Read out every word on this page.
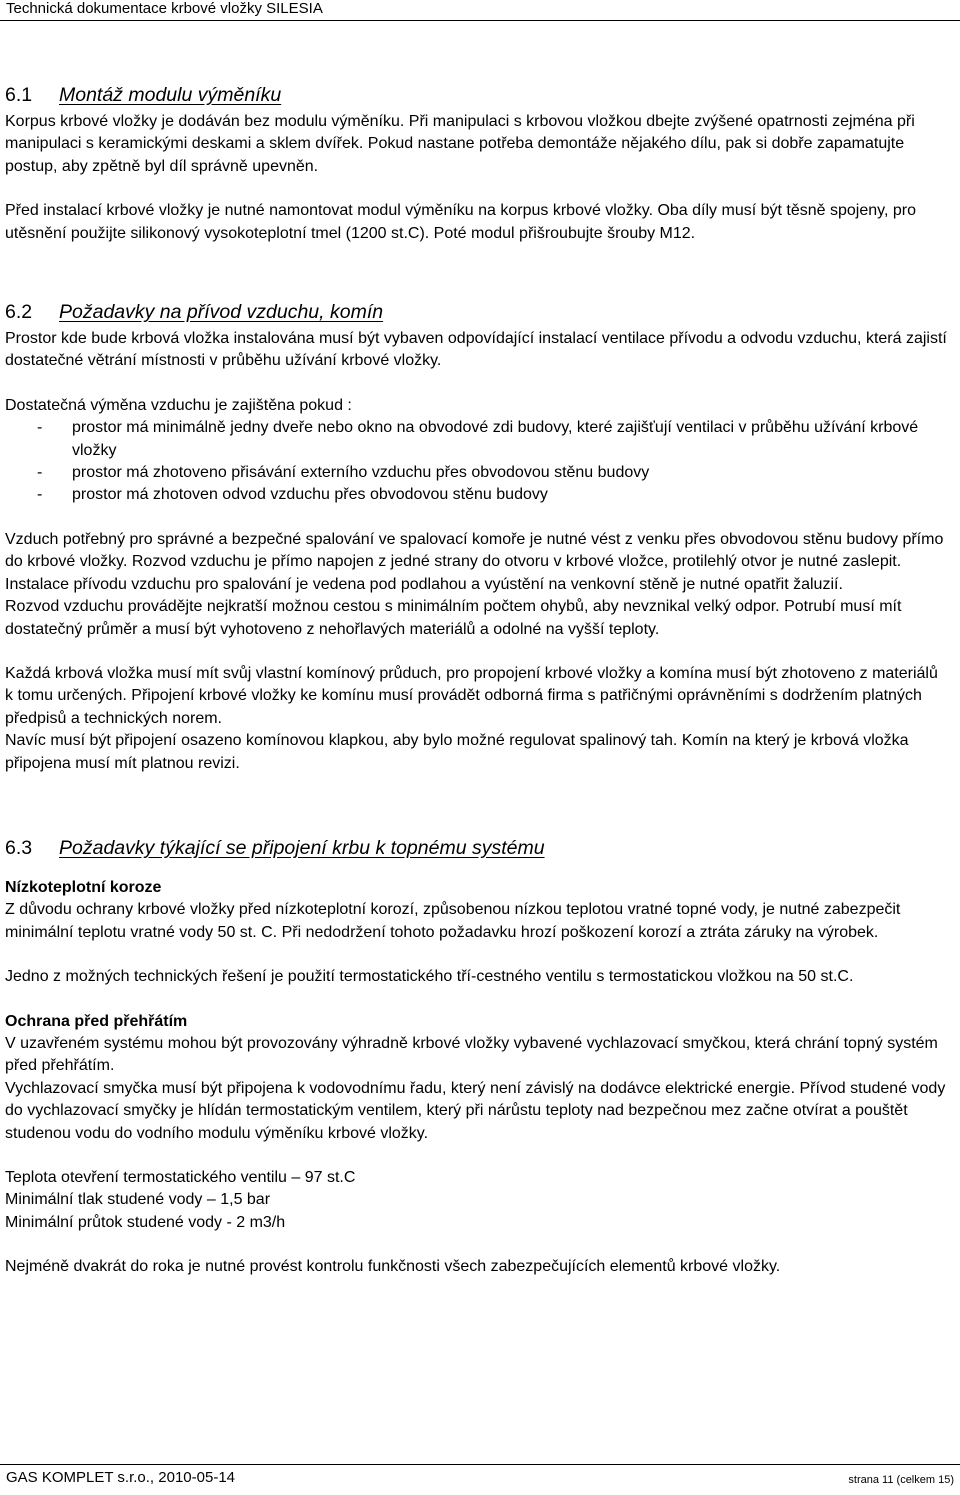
Technická dokumentace krbové vložky SILESIA
6.1 Montáž modulu výměníku

Korpus krbové vložky je dodáván bez modulu výměníku. Při manipulaci s krbovou vložkou dbejte zvýšené opatrnosti zejména při manipulaci s keramickými deskami a sklem dvířek. Pokud nastane potřeba demontáže nějakého dílu, pak si dobře zapamatujte postup, aby zpětně byl díl správně upevněn.

Před instalací krbové vložky je nutné namontovat modul výměníku na korpus krbové vložky. Oba díly musí být těsně spojeny, pro utěsnění použijte silikonový vysokoteplotní tmel (1200 st.C). Poté modul přišroubujte šrouby M12.

6.2 Požadavky na přívod vzduchu, komín

Prostor kde bude krbová vložka instalována musí být vybaven odpovídající instalací ventilace přívodu a odvodu vzduchu, která zajistí dostatečné větrání místnosti v průběhu užívání krbové vložky.

Dostatečná výměna vzduchu je zajištěna pokud :

- prostor má minimálně jedny dveře nebo okno na obvodové zdi budovy, které zajišťují ventilaci v průběhu užívání krbové vložky
- prostor má zhotoveno přisávání externího vzduchu přes obvodovou stěnu budovy
- prostor má zhotoven odvod vzduchu přes obvodovou stěnu budovy

Vzduch potřebný pro správné a bezpečné spalování ve spalovací komoře je nutné vést z venku přes obvodovou stěnu budovy přímo do krbové vložky. Rozvod vzduchu je přímo napojen z jedné strany do otvoru v krbové vložce, protilehlý otvor je nutné zaslepit. Instalace přívodu vzduchu pro spalování je vedena pod podlahou a vyústění na venkovní stěně je nutné opatřit žaluzií.

Rozvod vzduchu provádějte nejkratší možnou cestou s minimálním počtem ohybů, aby nevznikal velký odpor. Potrubí musí mít dostatečný průměr a musí být vyhotoveno z nehořlavých materiálů a odolné na vyšší teploty.

Každá krbová vložka musí mít svůj vlastní komínový průduch, pro propojení krbové vložky a komína musí být zhotoveno z materiálů k tomu určených. Připojení krbové vložky ke komínu musí provádět odborná firma s patřičnými oprávněními s dodržením platných předpisů a technických norem.

Navíc musí být připojení osazeno komínovou klapkou, aby bylo možné regulovat spalinový tah. Komín na který je krbová vložka připojena musí mít platnou revizi.

6.3 Požadavky týkající se připojení krbu k topnému systému

Nízkoteplotní koroze

Z důvodu ochrany krbové vložky před nízkoteplotní korozí, způsobenou nízkou teplotou vratné topné vody, je nutné zabezpečit minimální teplotu vratné vody 50 st. C. Při nedodržení tohoto požadavku hrozí poškození korozí a ztráta záruky na výrobek.

Jedno z možných technických řešení je použití termostatického tří-cestného ventilu s termostatickou vložkou na 50 st.C.

Ochrana před přehřátím

V uzavřeném systému mohou být provozovány výhradně krbové vložky vybavené vychlazovací smyčkou, která chrání topný systém před přehřátím.

Vychlazovací smyčka musí být připojena k vodovodnímu řadu, který není závislý na dodávce elektrické energie. Přívod studené vody do vychlazovací smyčky je hlídán termostatickým ventilem, který při nárůstu teploty nad bezpečnou mez začne otvírat a pouštět studenou vodu do vodního modulu výměníku krbové vložky.

Teplota otevření termostatického ventilu – 97 st.C

Minimální tlak studené vody – 1,5 bar

Minimální průtok studené vody - 2 m3/h

Nejméně dvakrát do roka je nutné provést kontrolu funkčnosti všech zabezpečujících elementů krbové vložky.

GAS KOMPLET s.r.o., 2010-05-14	strana 11 (celkem 15)
